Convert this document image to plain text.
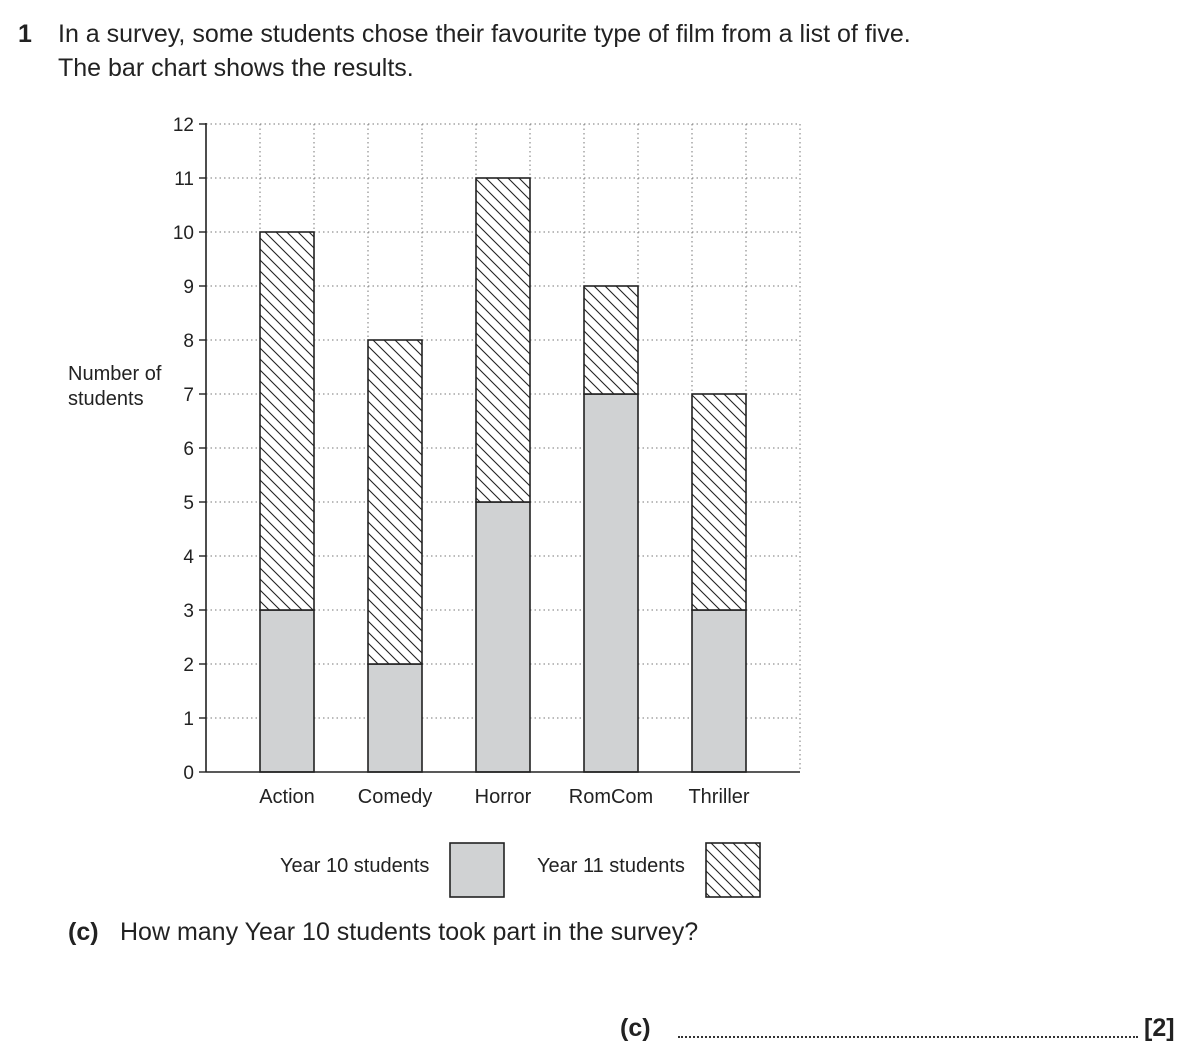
1 In a survey, some students chose their favourite type of film from a list of five.
The bar chart shows the results.
Action Comedy Horror RomCom Thriller
0
1
2
3
4
5
6
7
8
9
10
11
12
Number of
students
Year 10 students	Year 11 students
(c) How many Year 10 students took part in the survey?
(c)	[2]
